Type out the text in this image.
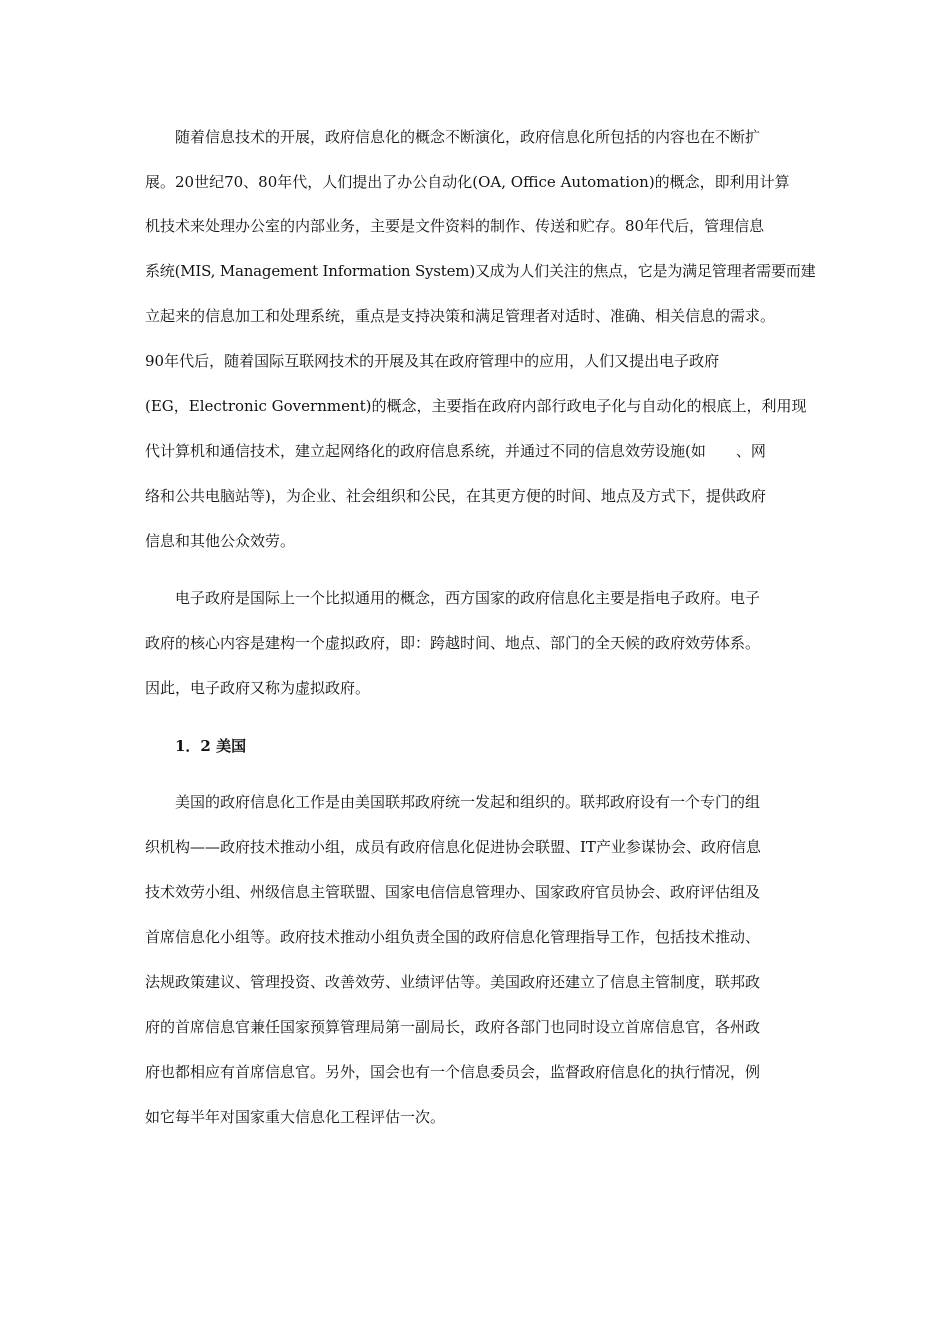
随着信息技术的开展，政府信息化的概念不断演化，政府信息化所包括的内容也在不断扩
展。20世纪70、80年代，人们提出了办公自动化(OA, Office Automation)的概念，即利用计算
机技术来处理办公室的内部业务，主要是文件资料的制作、传送和贮存。80年代后，管理信息
系统(MIS, Management Information System)又成为人们关注的焦点，它是为满足管理者需要而建
立起来的信息加工和处理系统，重点是支持决策和满足管理者对适时、准确、相关信息的需求。
90年代后，随着国际互联网技术的开展及其在政府管理中的应用，人们又提出电子政府
(EG，Electronic Government)的概念，主要指在政府内部行政电子化与自动化的根底上，利用现
代计算机和通信技术，建立起网络化的政府信息系统，并通过不同的信息效劳设施(如　　、网
络和公共电脑站等)，为企业、社会组织和公民，在其更方便的时间、地点及方式下，提供政府
信息和其他公众效劳。
电子政府是国际上一个比拟通用的概念，西方国家的政府信息化主要是指电子政府。电子
政府的核心内容是建构一个虚拟政府，即：跨越时间、地点、部门的全天候的政府效劳体系。
因此，电子政府又称为虚拟政府。
1．2 美国
美国的政府信息化工作是由美国联邦政府统一发起和组织的。联邦政府设有一个专门的组
织机构——政府技术推动小组，成员有政府信息化促进协会联盟、IT产业参谋协会、政府信息
技术效劳小组、州级信息主管联盟、国家电信信息管理办、国家政府官员协会、政府评估组及
首席信息化小组等。政府技术推动小组负责全国的政府信息化管理指导工作，包括技术推动、
法规政策建议、管理投资、改善效劳、业绩评估等。美国政府还建立了信息主管制度，联邦政
府的首席信息官兼任国家预算管理局第一副局长，政府各部门也同时设立首席信息官，各州政
府也都相应有首席信息官。另外，国会也有一个信息委员会，监督政府信息化的执行情况，例
如它每半年对国家重大信息化工程评估一次。
